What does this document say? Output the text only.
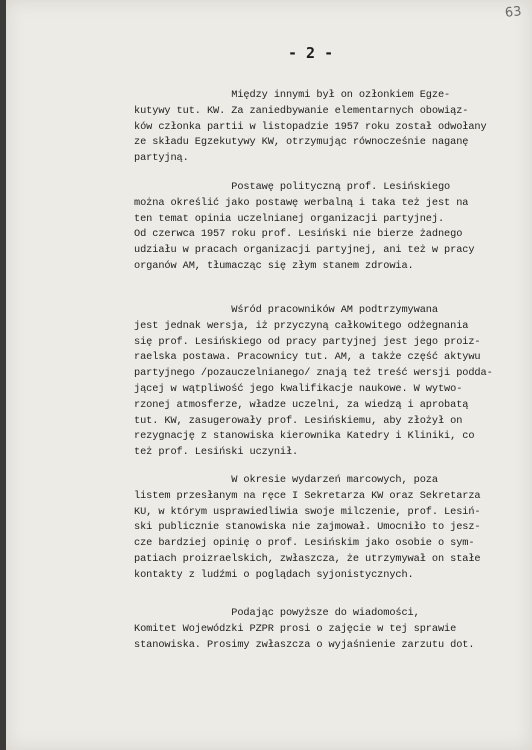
63
- 2 -
Między innymi był on ozłonkiem Egze-
kutywy tut. KW. Za zaniedbywanie elementarnych obowiąz-
ków członka partii w listopadzie 1957 roku został odwołany
ze składu Egzekutywy KW, otrzymując równocześnie naganę
partyjną.
Postawę polityczną prof. Lesińskiego
można określić jako postawę werbalną i taka też jest na
ten temat opinia uczelnianej organizacji partyjnej.
Od czerwca 1957 roku prof. Lesiński nie bierze żadnego
udziału w pracach organizacji partyjnej, ani też w pracy
organów AM, tłumacząc się złym stanem zdrowia.
Wśród pracowników AM podtrzymywana
jest jednak wersja, iż przyczyną całkowitego odżegnania
się prof. Lesińskiego od pracy partyjnej jest jego proiz-
raelska postawa. Pracownicy tut. AM, a także część aktywu
partyjnego /pozauczelnianego/ znają też treść wersji podda-
jącej w wątpliwość jego kwalifikacje naukowe. W wytwo-
rzonej atmosferze, władze uczelni, za wiedzą i aprobatą
tut. KW, zasugerowały prof. Lesińskiemu, aby złożył on
rezygnację z stanowiska kierownika Katedry i Kliniki, co
też prof. Lesiński uczynił.
W okresie wydarzeń marcowych, poza
listem przesłanym na ręce I Sekretarza KW oraz Sekretarza
KU, w którym usprawiedliwia swoje milczenie, prof. Lesiń-
ski publicznie stanowiska nie zajmował. Umocniło to jesz-
cze bardziej opinię o prof. Lesińskim jako osobie o sym-
patiach proizraelskich, zwłaszcza, że utrzymywał on stałe
kontakty z ludźmi o poglądach syjonistycznych.
Podając powyższe do wiadomości,
Komitet Wojewódzki PZPR prosi o zajęcie w tej sprawie
stanowiska. Prosimy zwłaszcza o wyjaśnienie zarzutu dot.
